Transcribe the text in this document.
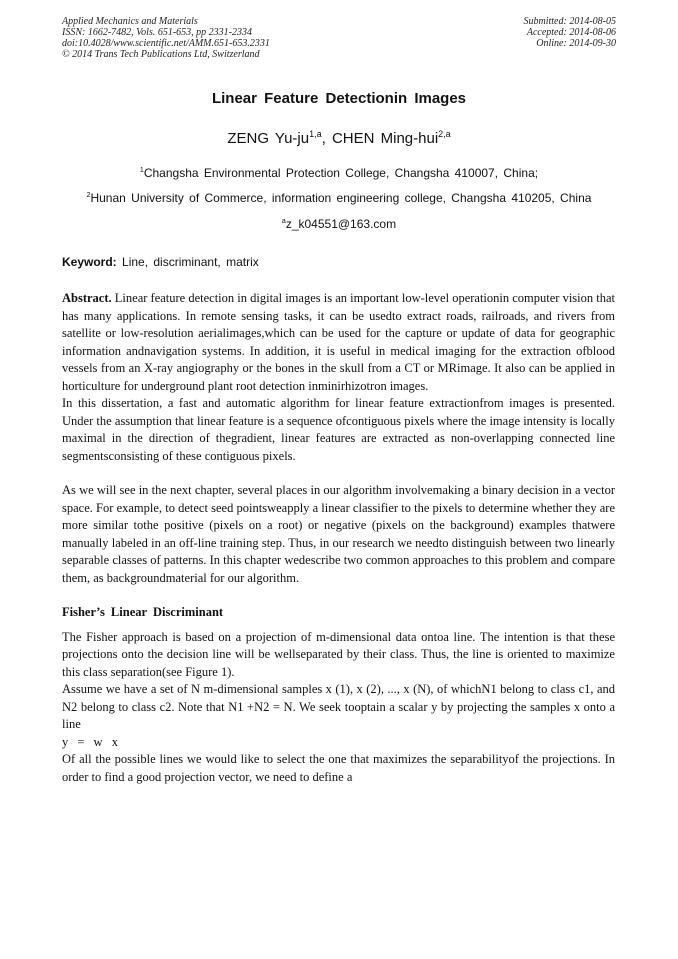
Applied Mechanics and Materials
ISSN: 1662-7482, Vols. 651-653, pp 2331-2334
doi:10.4028/www.scientific.net/AMM.651-653.2331
© 2014 Trans Tech Publications Ltd, Switzerland
Submitted: 2014-08-05
Accepted: 2014-08-06
Online: 2014-09-30
Linear Feature Detectionin Images
ZENG Yu-ju$^{1,a}$, CHEN Ming-hui$^{2,a}$
$^1$Changsha Environmental Protection College, Changsha 410007, China;
$^2$Hunan University of Commerce, information engineering college, Changsha 410205, China
$^a$z_k04551@163.com
Keyword: Line, discriminant, matrix

Abstract. Linear feature detection in digital images is an important low-level operationin computer vision that has many applications. In remote sensing tasks, it can be usedto extract roads, railroads, and rivers from satellite or low-resolution aerialimages,which can be used for the capture or update of data for geographic information andnavigation systems. In addition, it is useful in medical imaging for the extraction ofblood vessels from an X-ray angiography or the bones in the skull from a CT or MRimage. It also can be applied in horticulture for underground plant root detection inminirhizotron images.

In this dissertation, a fast and automatic algorithm for linear feature extractionfrom images is presented. Under the assumption that linear feature is a sequence ofcontiguous pixels where the image intensity is locally maximal in the direction of thegradient, linear features are extracted as non-overlapping connected line segmentsconsisting of these contiguous pixels.

As we will see in the next chapter, several places in our algorithm involvemaking a binary decision in a vector space. For example, to detect seed pointsweapply a linear classifier to the pixels to determine whether they are more similar tothe positive (pixels on a root) or negative (pixels on the background) examples thatwere manually labeled in an off-line training step. Thus, in our research we needto distinguish between two linearly separable classes of patterns. In this chapter wedescribe two common approaches to this problem and compare them, as backgroundmaterial for our algorithm.

Fisher’s Linear Discriminant

The Fisher approach is based on a projection of m-dimensional data ontoa line. The intention is that these projections onto the decision line will be wellseparated by their class. Thus, the line is oriented to maximize this class separation(see Figure 1).

Assume we have a set of N m-dimensional samples x (1), x (2), ..., x (N), of whichN1 belong to class c1, and N2 belong to class c2. Note that N1 +N2 = N. We seek tooptain a scalar y by projecting the samples x onto a line

y = w x

Of all the possible lines we would like to select the one that maximizes the separabilityof the projections. In order to find a good projection vector, we need to define a
